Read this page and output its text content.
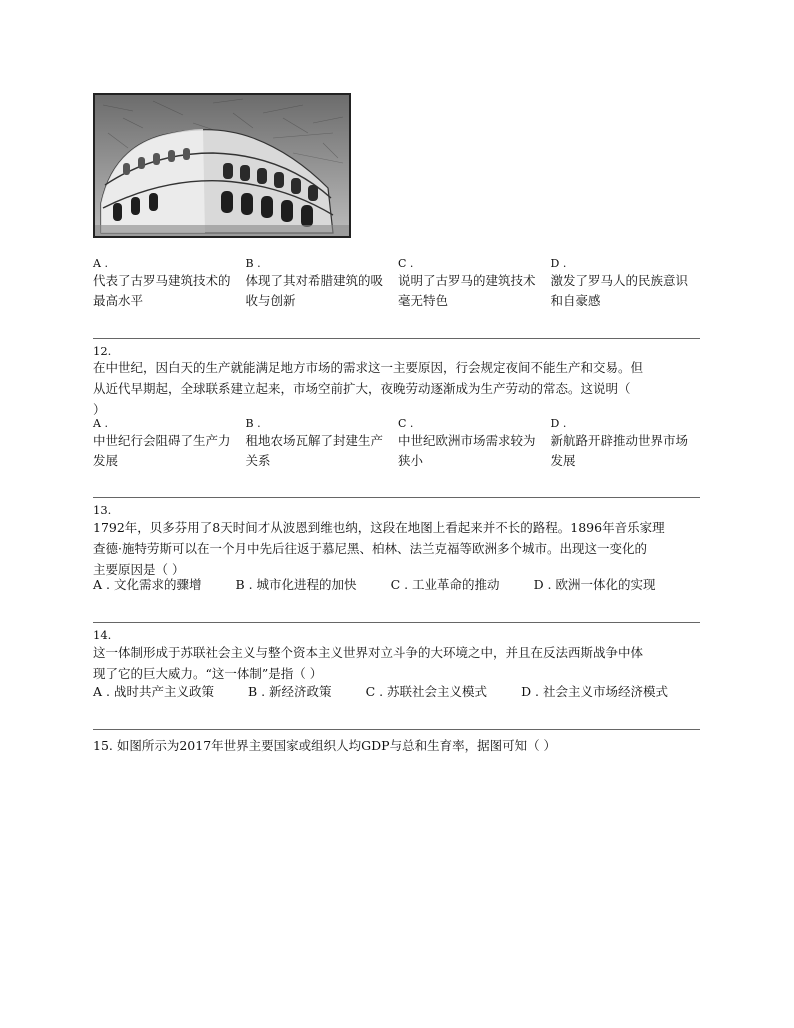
A .
代表了古罗马建筑技术的
最高水平
B .
体现了其对希腊建筑的吸
收与创新
C .
说明了古罗马的建筑技术
毫无特色
D .
激发了罗马人的民族意识
和自豪感
12.
在中世纪，因白天的生产就能满足地方市场的需求这一主要原因，行会规定夜间不能生产和交易。但
从近代早期起，全球联系建立起来，市场空前扩大，夜晚劳动逐渐成为生产劳动的常态。这说明（
）
A .
中世纪行会阻碍了生产力
发展
B .
租地农场瓦解了封建生产
关系
C .
中世纪欧洲市场需求较为
狭小
D .
新航路开辟推动世界市场
发展
13.
1792年，贝多芬用了8天时间才从波恩到维也纳，这段在地图上看起来并不长的路程。1896年音乐家理
查德·施特劳斯可以在一个月中先后往返于慕尼黑、柏林、法兰克福等欧洲多个城市。出现这一变化的
主要原因是（ ）
A . 文化需求的骤增	B . 城市化进程的加快	C . 工业革命的推动	D . 欧洲一体化的实现
14.
这一体制形成于苏联社会主义与整个资本主义世界对立斗争的大环境之中，并且在反法西斯战争中体
现了它的巨大威力。“这一体制”是指（ ）
A . 战时共产主义政策	B . 新经济政策	C . 苏联社会主义模式	D . 社会主义市场经济模式
15. 如图所示为2017年世界主要国家或组织人均GDP与总和生育率，据图可知（ ）
